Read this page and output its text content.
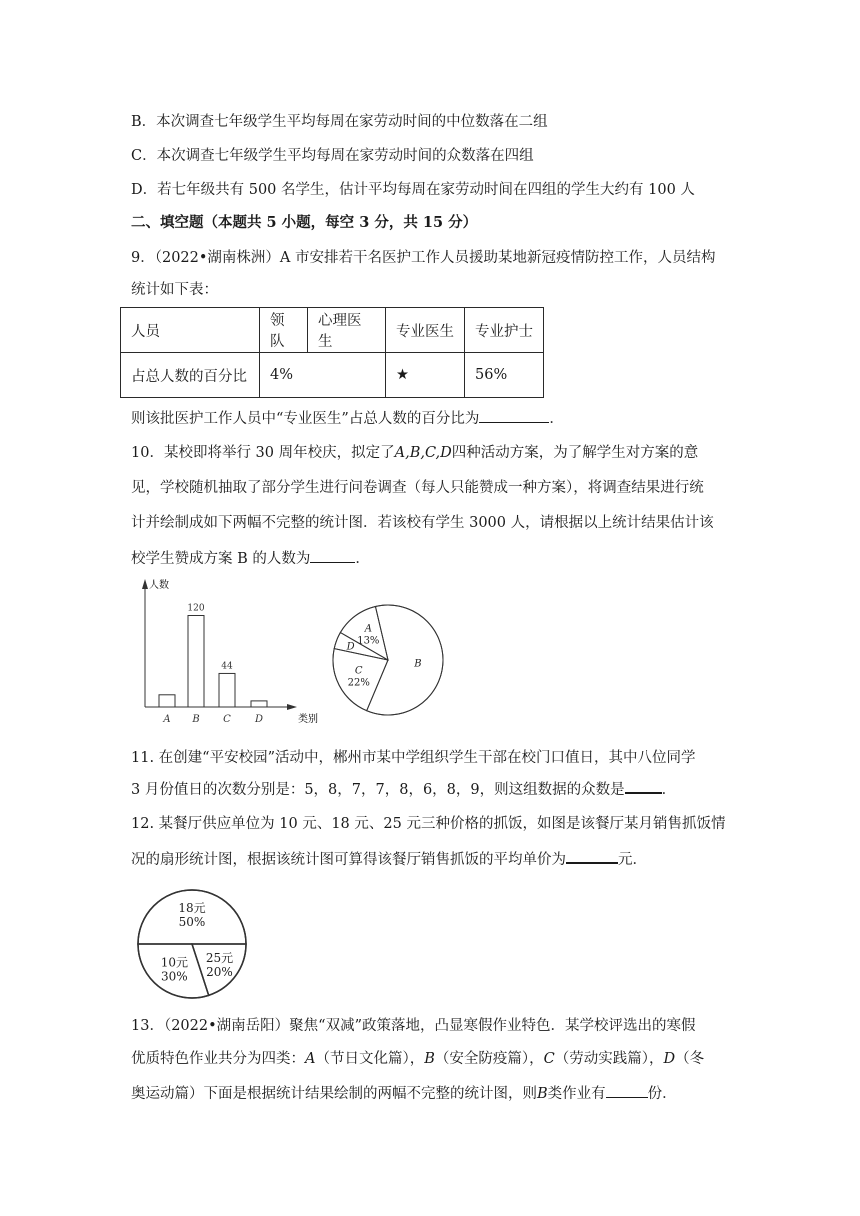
B．本次调查七年级学生平均每周在家劳动时间的中位数落在二组
C．本次调查七年级学生平均每周在家劳动时间的众数落在四组
D．若七年级共有 500 名学生，估计平均每周在家劳动时间在四组的学生大约有 100 人
二、填空题（本题共 5 小题，每空 3 分，共 15 分）
9．（2022•湖南株洲）A 市安排若干名医护工作人员援助某地新冠疫情防控工作，人员结构
统计如下表：
人员	领队	心理医生	专业医生	专业护士
占总人数的百分比	4%		★	56%
则该批医护工作人员中“专业医生”占总人数的百分比为	．
10．某校即将举行 30 周年校庆，拟定了A,B,C,D四种活动方案，为了解学生对方案的意
见，学校随机抽取了部分学生进行问卷调查（每人只能赞成一种方案），将调查结果进行统
计并绘制成如下两幅不完整的统计图．若该校有学生 3000 人，请根据以上统计结果估计该
校学生赞成方案 B 的人数为	．
A B
120
C
44
D
人数
类别
C
22%
D
A
13%
B
11. 在创建“平安校园”活动中，郴州市某中学组织学生干部在校门口值日，其中八位同学
3 月份值日的次数分别是：5，8，7，7，8，6，8，9，则这组数据的众数是	．
12. 某餐厅供应单位为 10 元、18 元、25 元三种价格的抓饭，如图是该餐厅某月销售抓饭情
况的扇形统计图，根据该统计图可算得该餐厅销售抓饭的平均单价为	元．
25元
20%
10元
30%
18元
50%
13．（2022•湖南岳阳）聚焦“双减”政策落地，凸显寒假作业特色．某学校评选出的寒假
优质特色作业共分为四类：A（节日文化篇），B（安全防疫篇），C（劳动实践篇），D（冬
奥运动篇）下面是根据统计结果绘制的两幅不完整的统计图，则B类作业有	份．
